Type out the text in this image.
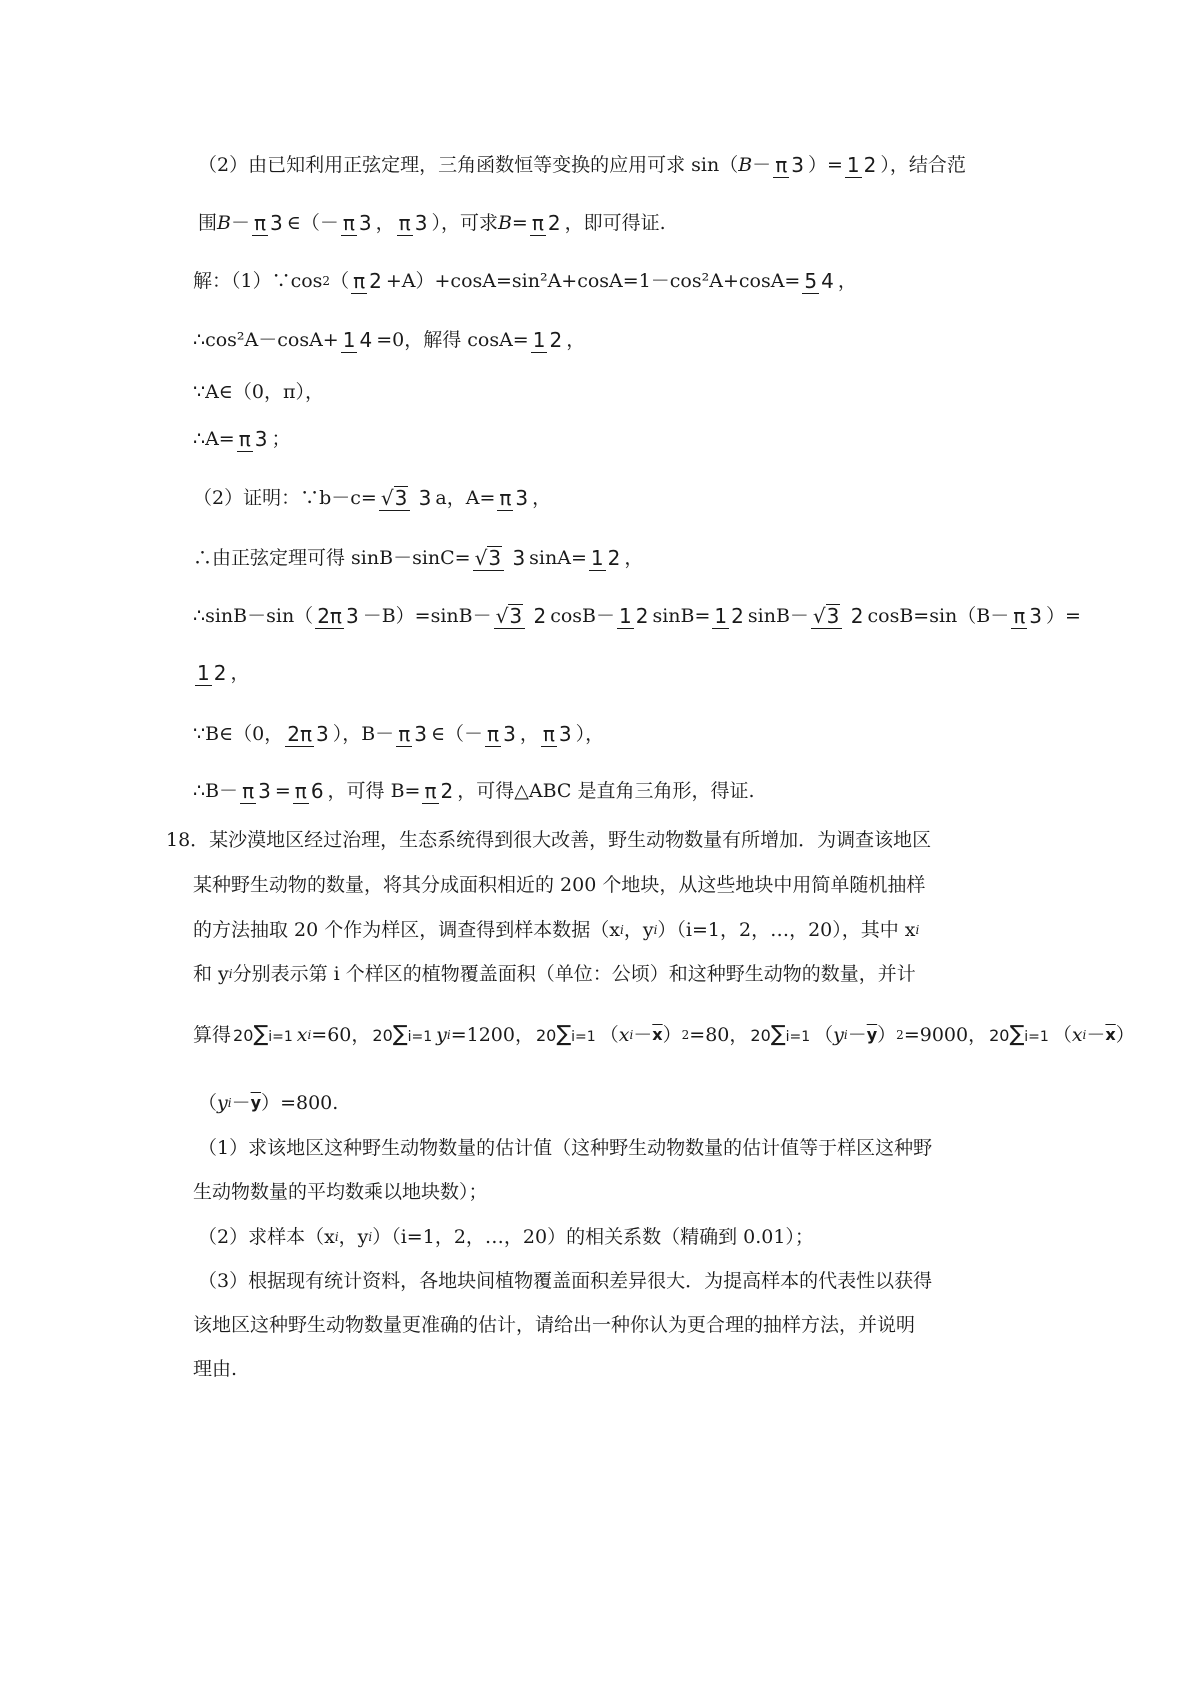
（2）由已知利用正弦定理，三角函数恒等变换的应用可求 sin（ B － π 3 ）= 1 2 ），结合范
围 B － π 3 ∈（－ π 3 ， π 3 ），可求 B = π 2 ，即可得证.
解：（1）∵cos 2 （ π 2 +A） +cosA=sin²A+cosA=1－cos²A+cosA= 5 4 ，
∴cos²A－cosA+ 1 4 =0，解得 cosA= 1 2 ，
∵A∈（0，π），
∴A= π 3 ；
（2）证明：∵b－c= √3 3 a，A= π 3 ，
∴由正弦定理可得 sinB－sinC= √3 3 sinA= 1 2 ，
∴sinB－sin（ 2π 3 －B）=sinB－ √3 2 cosB－ 1 2 sinB= 1 2 sinB－ √3 2 cosB=sin（B－ π 3 ）=
1 2 ，
∵B∈（0， 2π 3 ），B－ π 3 ∈（－ π 3 ， π 3 ），
∴B－ π 3 = π 6 ，可得 B= π 2 ，可得△ABC 是直角三角形，得证.
18．某沙漠地区经过治理，生态系统得到很大改善，野生动物数量有所增加．为调查该地区
某种野生动物的数量，将其分成面积相近的 200 个地块，从这些地块中用简单随机抽样
的方法抽取 20 个作为样区，调查得到样本数据（x i ，y i ）（i=1，2，…，20），其中 x i
和 y i 分别表示第 i 个样区的植物覆盖面积（单位：公顷）和这种野生动物的数量，并计
算得 20∑i=1 x i =60， 20∑i=1 y i =1200， 20∑i=1 （ x $i - \overline{x}$ ） 2 =80， 20∑i=1 （ y $i - \overline{y}$ ） 2 =9000， 20∑i=1 （ x $i - \overline{x}$ ）
（ y $i - \overline{y}$ ） =800.
（1）求该地区这种野生动物数量的估计值（这种野生动物数量的估计值等于样区这种野
生动物数量的平均数乘以地块数）；
（2）求样本（x i ，y i ）（i=1，2，…，20）的相关系数（精确到 0.01）；
（3）根据现有统计资料，各地块间植物覆盖面积差异很大．为提高样本的代表性以获得
该地区这种野生动物数量更准确的估计，请给出一种你认为更合理的抽样方法，并说明
理由.
